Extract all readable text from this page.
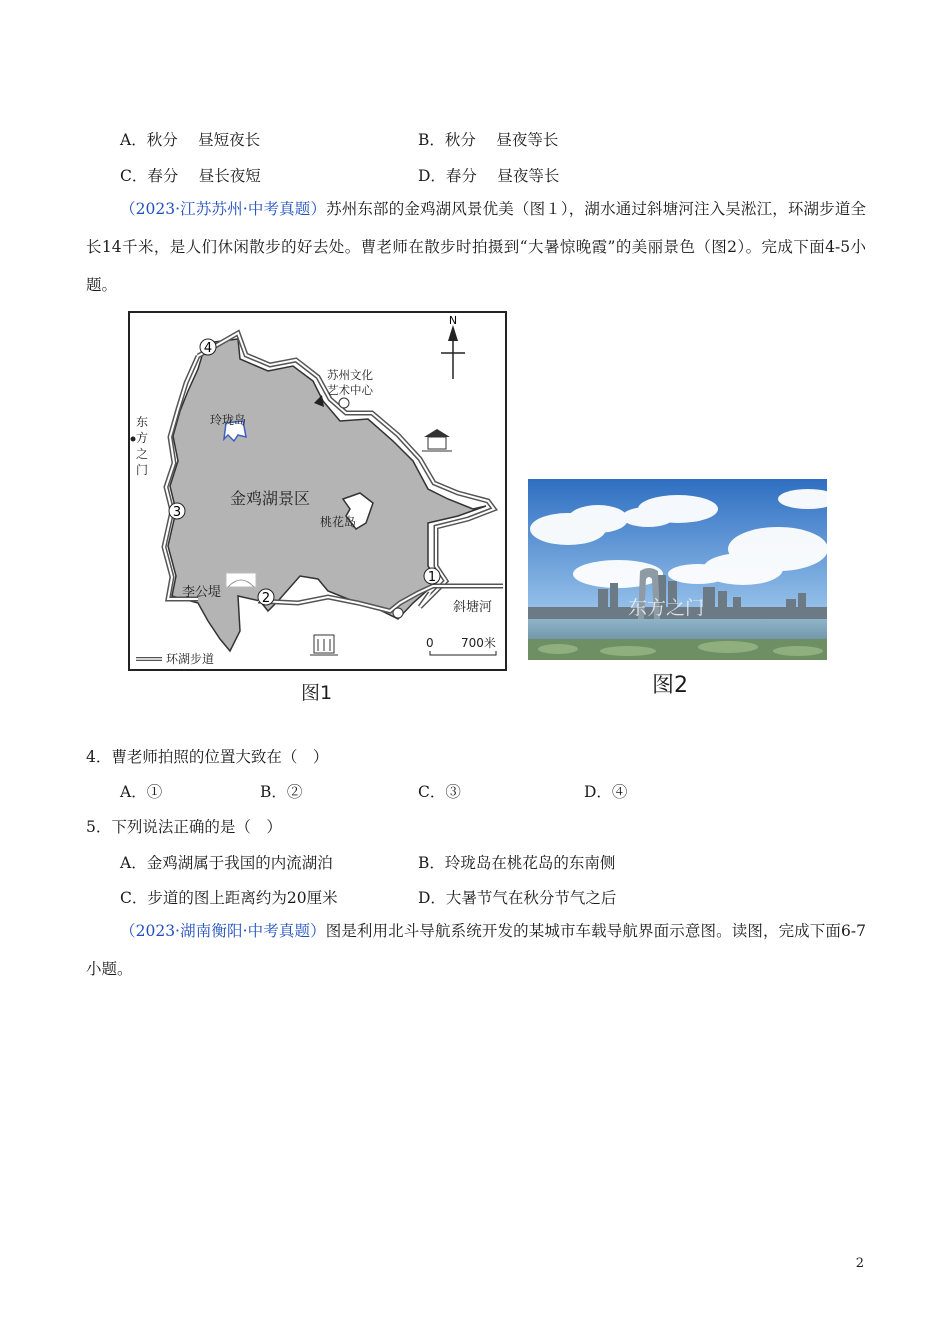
A．秋分　 昼短夜长	B．秋分　 昼夜等长
C．春分　 昼长夜短	D．春分　 昼夜等长
（2023·江苏苏州·中考真题）苏州东部的金鸡湖风景优美（图１），湖水通过斜塘河注入吴淞江，环湖步道全长14千米，是人们休闲散步的好去处。曹老师在散步时拍摄到“大暑惊晚霞”的美丽景色（图2）。完成下面4-5小题。
N
1
2
3
4
苏州文化
艺术中心
玲珑岛
金鸡湖景区
桃花岛
李公堤
斜塘河
东
方
之
门
0 700米
环湖步道
图1
东方之门
图2
4．曹老师拍照的位置大致在（　）
A．①	B．②	C．③	D．④
5．下列说法正确的是（　）
A．金鸡湖属于我国的内流湖泊	B．玲珑岛在桃花岛的东南侧
C．步道的图上距离约为20厘米	D．大暑节气在秋分节气之后
（2023·湖南衡阳·中考真题）图是利用北斗导航系统开发的某城市车载导航界面示意图。读图，完成下面6-7小题。
2
